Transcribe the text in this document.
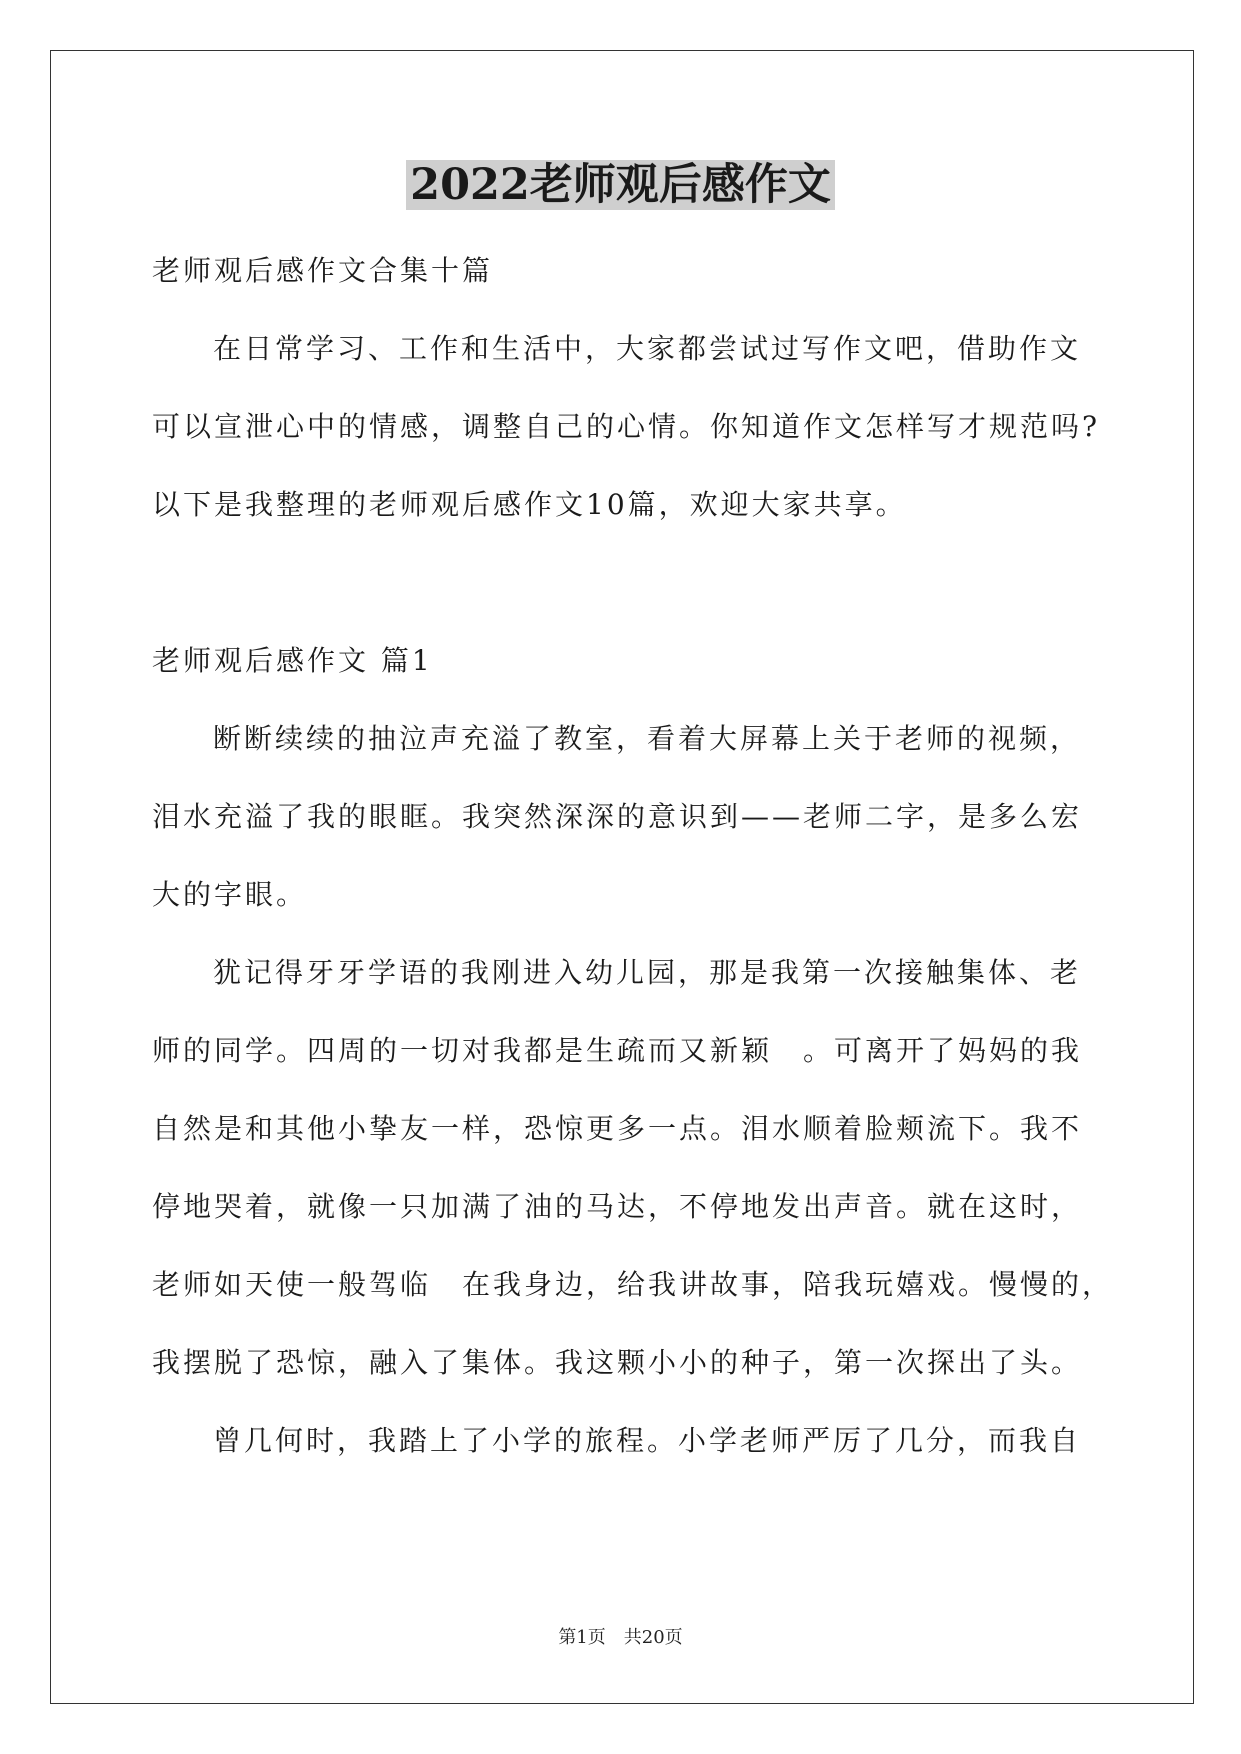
2022老师观后感作文
老师观后感作文合集十篇
在日常学习、工作和生活中，大家都尝试过写作文吧，借助作文
可以宣泄心中的情感，调整自己的心情。你知道作文怎样写才规范吗?
以下是我整理的老师观后感作文10篇，欢迎大家共享。
老师观后感作文 篇1
断断续续的抽泣声充溢了教室，看着大屏幕上关于老师的视频，
泪水充溢了我的眼眶。我突然深深的意识到——老师二字，是多么宏
大的字眼。
犹记得牙牙学语的我刚进入幼儿园，那是我第一次接触集体、老
师的同学。四周的一切对我都是生疏而又新颖　。可离开了妈妈的我
自然是和其他小挚友一样，恐惊更多一点。泪水顺着脸颊流下。我不
停地哭着，就像一只加满了油的马达，不停地发出声音。就在这时，
老师如天使一般驾临　在我身边，给我讲故事，陪我玩嬉戏。慢慢的，
我摆脱了恐惊，融入了集体。我这颗小小的种子，第一次探出了头。
曾几何时，我踏上了小学的旅程。小学老师严厉了几分，而我自
第1页 共20页
